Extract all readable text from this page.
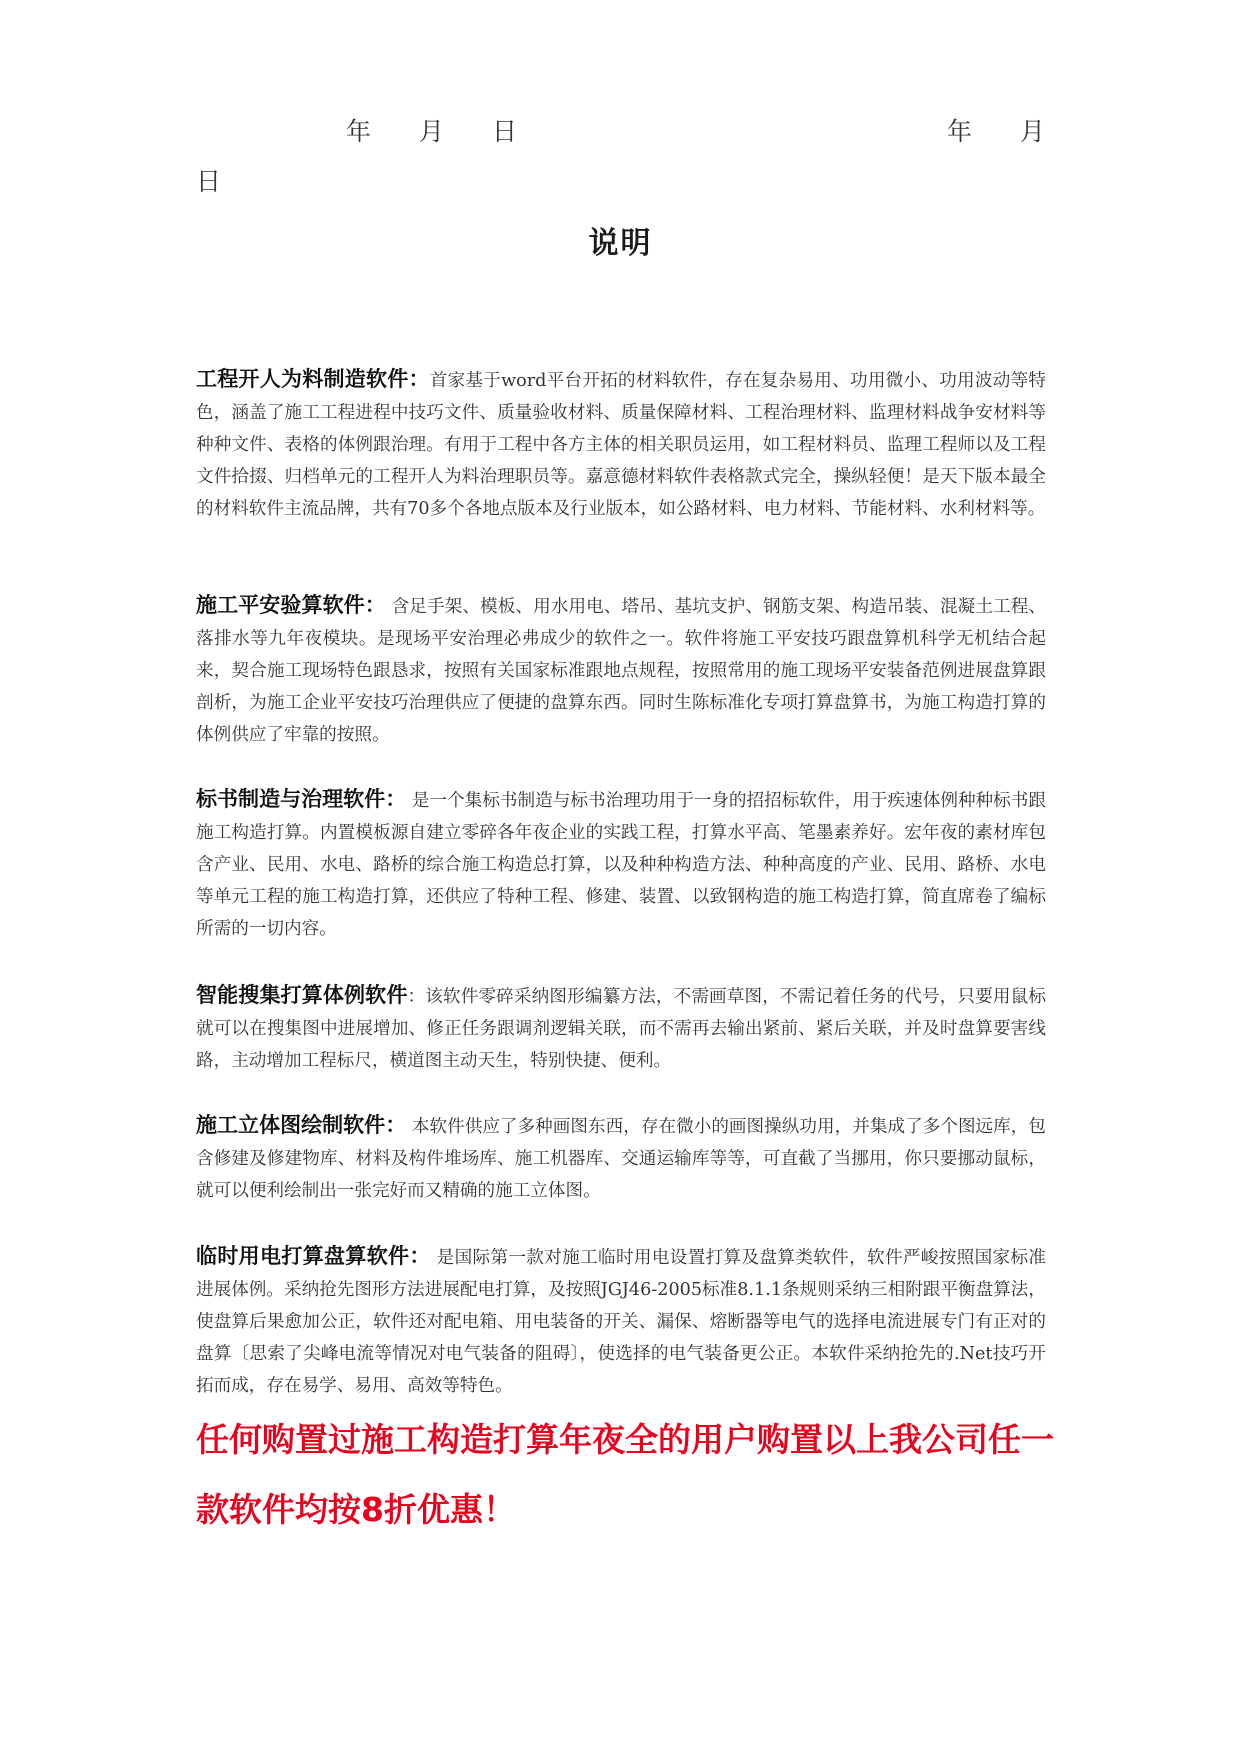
年 月 日	年 月
日
说明
工程开人为料制造软件：首家基于word平台开拓的材料软件，存在复杂易用、功用微小、功用波动等特色，涵盖了施工工程进程中技巧文件、质量验收材料、质量保障材料、工程治理材料、监理材料战争安材料等种种文件、表格的体例跟治理。有用于工程中各方主体的相关职员运用，如工程材料员、监理工程师以及工程文件拾掇、归档单元的工程开人为料治理职员等。嘉意德材料软件表格款式完全，操纵轻便！是天下版本最全的材料软件主流品牌，共有70多个各地点版本及行业版本，如公路材料、电力材料、节能材料、水利材料等。
施工平安验算软件： 含足手架、模板、用水用电、塔吊、基坑支护、钢筋支架、构造吊装、混凝土工程、落排水等九年夜模块。是现场平安治理必弗成少的软件之一。软件将施工平安技巧跟盘算机科学无机结合起来，契合施工现场特色跟恳求，按照有关国家标准跟地点规程，按照常用的施工现场平安装备范例进展盘算跟剖析，为施工企业平安技巧治理供应了便捷的盘算东西。同时生陈标准化专项打算盘算书，为施工构造打算的体例供应了牢靠的按照。
标书制造与治理软件： 是一个集标书制造与标书治理功用于一身的招招标软件，用于疾速体例种种标书跟施工构造打算。内置模板源自建立零碎各年夜企业的实践工程，打算水平高、笔墨素养好。宏年夜的素材库包含产业、民用、水电、路桥的综合施工构造总打算，以及种种构造方法、种种高度的产业、民用、路桥、水电等单元工程的施工构造打算，还供应了特种工程、修建、装置、以致钢构造的施工构造打算，简直席卷了编标所需的一切内容。
智能搜集打算体例软件：该软件零碎采纳图形编纂方法，不需画草图，不需记着任务的代号，只要用鼠标就可以在搜集图中进展增加、修正任务跟调剂逻辑关联，而不需再去输出紧前、紧后关联，并及时盘算要害线路，主动增加工程标尺，横道图主动天生，特别快捷、便利。
施工立体图绘制软件： 本软件供应了多种画图东西，存在微小的画图操纵功用，并集成了多个图远库，包含修建及修建物库、材料及构件堆场库、施工机器库、交通运输库等等，可直截了当挪用，你只要挪动鼠标，就可以便利绘制出一张完好而又精确的施工立体图。
临时用电打算盘算软件： 是国际第一款对施工临时用电设置打算及盘算类软件，软件严峻按照国家标准进展体例。采纳抢先图形方法进展配电打算，及按照JGJ46-2005标准8.1.1条规则采纳三相附跟平衡盘算法，使盘算后果愈加公正，软件还对配电箱、用电装备的开关、漏保、熔断器等电气的选择电流进展专门有正对的盘算〔思索了尖峰电流等情况对电气装备的阻碍〕，使选择的电气装备更公正。本软件采纳抢先的.Net技巧开拓而成，存在易学、易用、高效等特色。
任何购置过施工构造打算年夜全的用户购置以上我公司任一款软件均按8折优惠！
